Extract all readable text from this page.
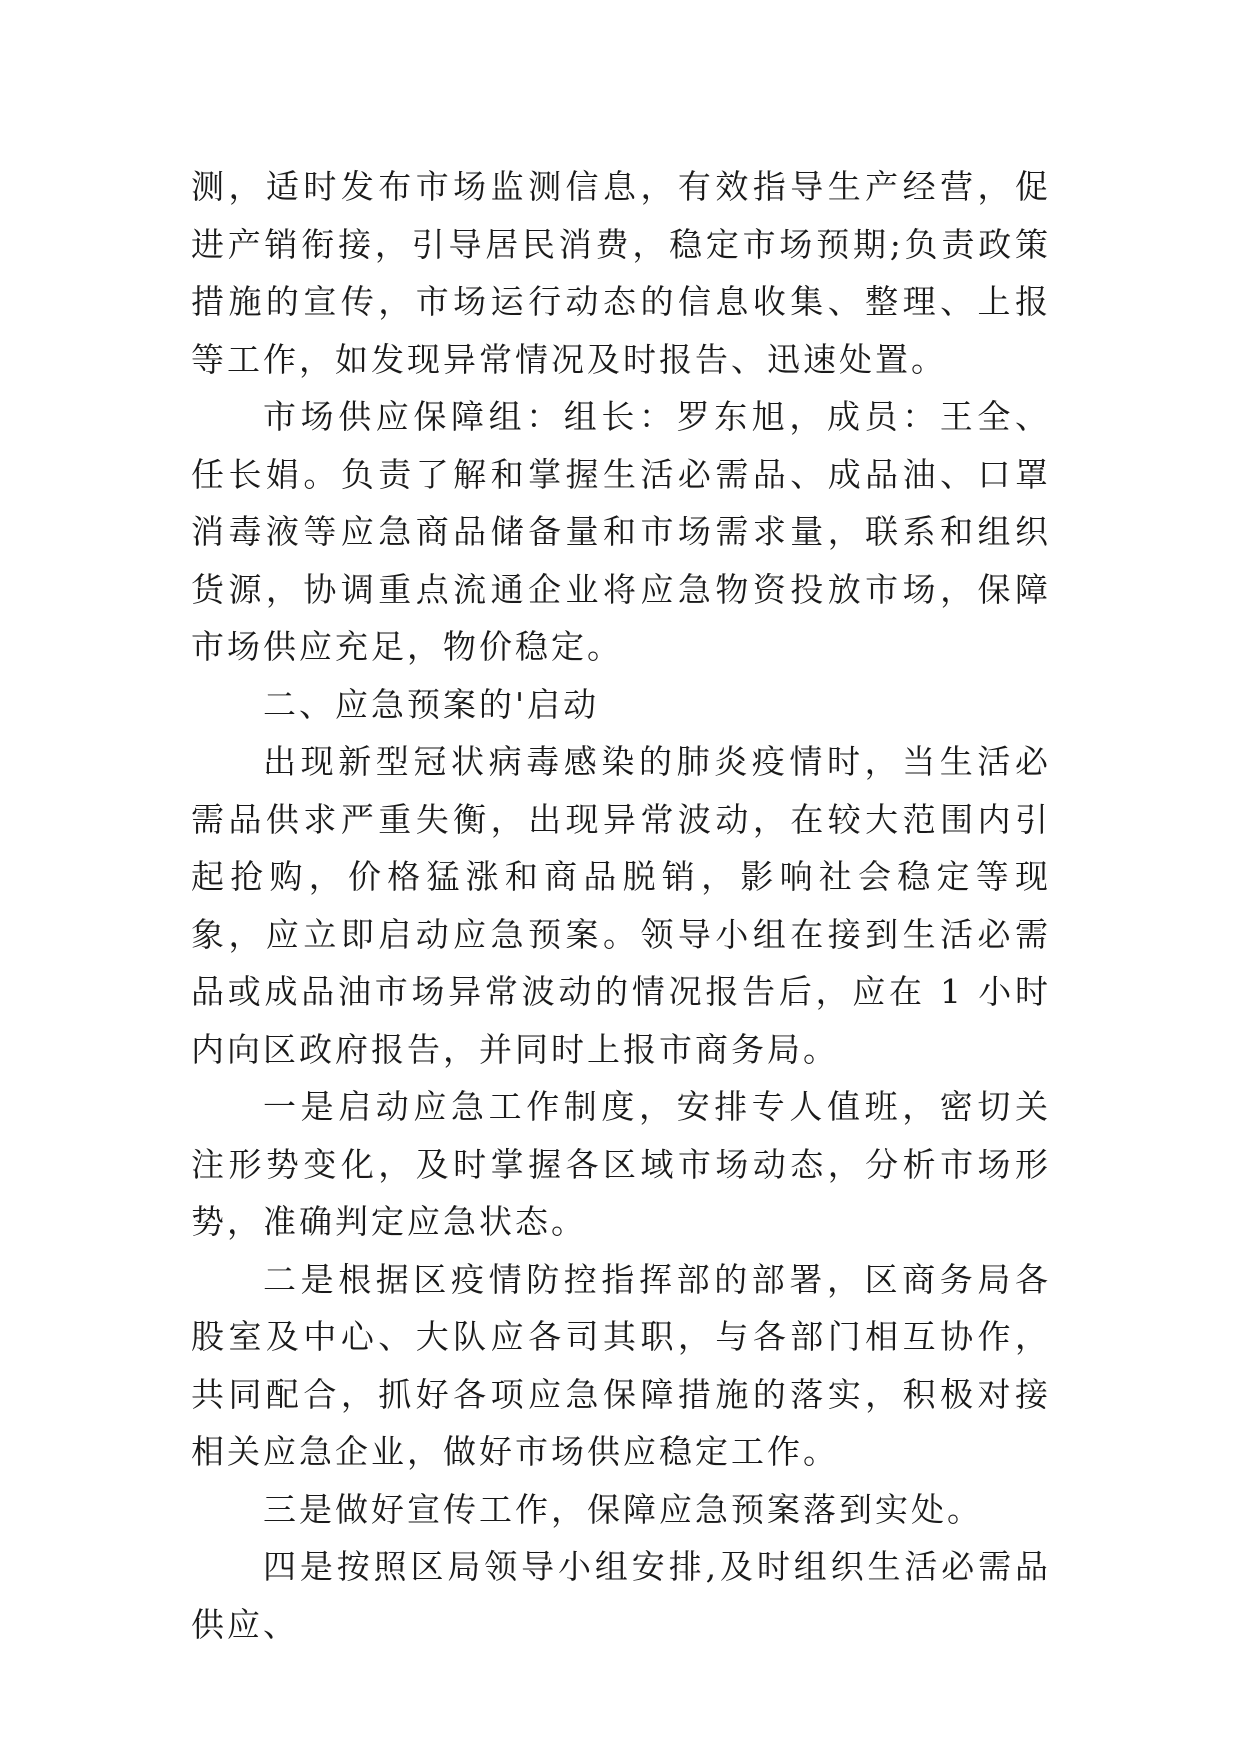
测，适时发布市场监测信息，有效指导生产经营，促进产销衔接，引导居民消费，稳定市场预期;负责政策措施的宣传，市场运行动态的信息收集、整理、上报等工作，如发现异常情况及时报告、迅速处置。

市场供应保障组：组长：罗东旭，成员：王全、任长娟。负责了解和掌握生活必需品、成品油、口罩消毒液等应急商品储备量和市场需求量，联系和组织货源，协调重点流通企业将应急物资投放市场，保障市场供应充足，物价稳定。

二、应急预案的'启动

出现新型冠状病毒感染的肺炎疫情时，当生活必需品供求严重失衡，出现异常波动，在较大范围内引起抢购，价格猛涨和商品脱销，影响社会稳定等现象，应立即启动应急预案。领导小组在接到生活必需品或成品油市场异常波动的情况报告后，应在 1 小时内向区政府报告，并同时上报市商务局。

一是启动应急工作制度，安排专人值班，密切关注形势变化，及时掌握各区域市场动态，分析市场形势，准确判定应急状态。

二是根据区疫情防控指挥部的部署，区商务局各股室及中心、大队应各司其职，与各部门相互协作，共同配合，抓好各项应急保障措施的落实，积极对接相关应急企业，做好市场供应稳定工作。

三是做好宣传工作，保障应急预案落到实处。

四是按照区局领导小组安排,及时组织生活必需品供应、
